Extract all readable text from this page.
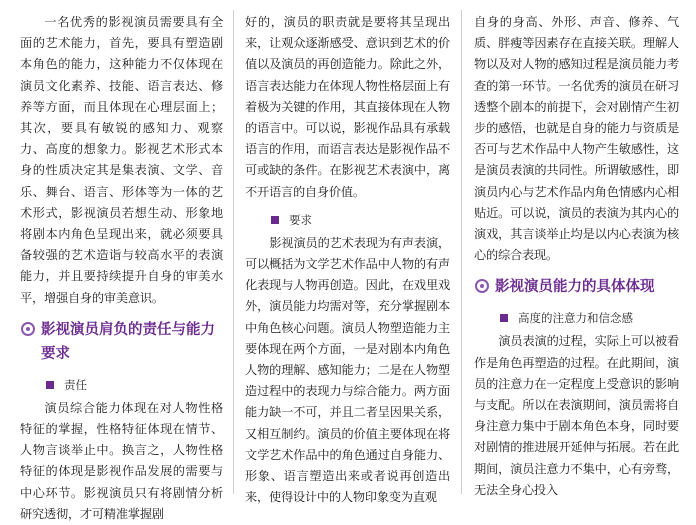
一名优秀的影视演员需要具有全面的艺术能力，首先，要具有塑造剧本角色的能力，这种能力不仅体现在演员文化素养、技能、语言表达、修养等方面，而且体现在心理层面上；其次，要具有敏锐的感知力、观察力、高度的想象力。影视艺术形式本身的性质决定其是集表演、文学、音乐、舞台、语言、形体等为一体的艺术形式，影视演员若想生动、形象地将剧本内角色呈现出来，就必须要具备较强的艺术造诣与较高水平的表演能力，并且要持续提升自身的审美水平，增强自身的审美意识。

影视演员肩负的责任与能力要求
责任

演员综合能力体现在对人物性格特征的掌握，性格特征体现在情节、人物言谈举止中。换言之，人物性格特征的体现是影视作品发展的需要与中心环节。影视演员只有将剧情分析研究透彻，才可精准掌握剧

好的，演员的职责就是要将其呈现出来，让观众逐渐感受、意识到艺术的价值以及演员的再创造能力。除此之外，语言表达能力在体现人物性格层面上有着极为关键的作用，其直接体现在人物的语言中。可以说，影视作品具有承载语言的作用，而语言表达是影视作品不可或缺的条件。在影视艺术表演中，离不开语言的自身价值。

要求

影视演员的艺术表现为有声表演，可以概括为文学艺术作品中人物的有声化表现与人物再创造。因此，在戏里戏外，演员能力均需对等，充分掌握剧本中角色核心问题。演员人物塑造能力主要体现在两个方面，一是对剧本内角色人物的理解、感知能力；二是在人物塑造过程中的表现力与综合能力。两方面能力缺一不可，并且二者呈因果关系，又相互制约。演员的价值主要体现在将文学艺术作品中的角色通过自身能力、形象、语言塑造出来或者说再创造出来，使得设计中的人物印象变为直观

自身的身高、外形、声音、修养、气质、胖瘦等因素存在直接关联。理解人物以及对人物的感知过程是演员能力考查的第一环节。一名优秀的演员在研习透整个剧本的前提下，会对剧情产生初步的感悟，也就是自身的能力与资质是否可与艺术作品中人物产生敏感性，这是演员表演的共同性。所谓敏感性，即演员内心与艺术作品内角色情感内心相贴近。可以说，演员的表演为其内心的演戏，其言谈举止均是以内心表演为核心的综合表现。

影视演员能力的具体体现
高度的注意力和信念感

演员表演的过程，实际上可以被看作是角色再塑造的过程。在此期间，演员的注意力在一定程度上受意识的影响与支配。所以在表演期间，演员需将自身注意力集中于剧本角色本身，同时要对剧情的推进展开延伸与拓展。若在此期间，演员注意力不集中，心有旁骛，无法全身心投入
